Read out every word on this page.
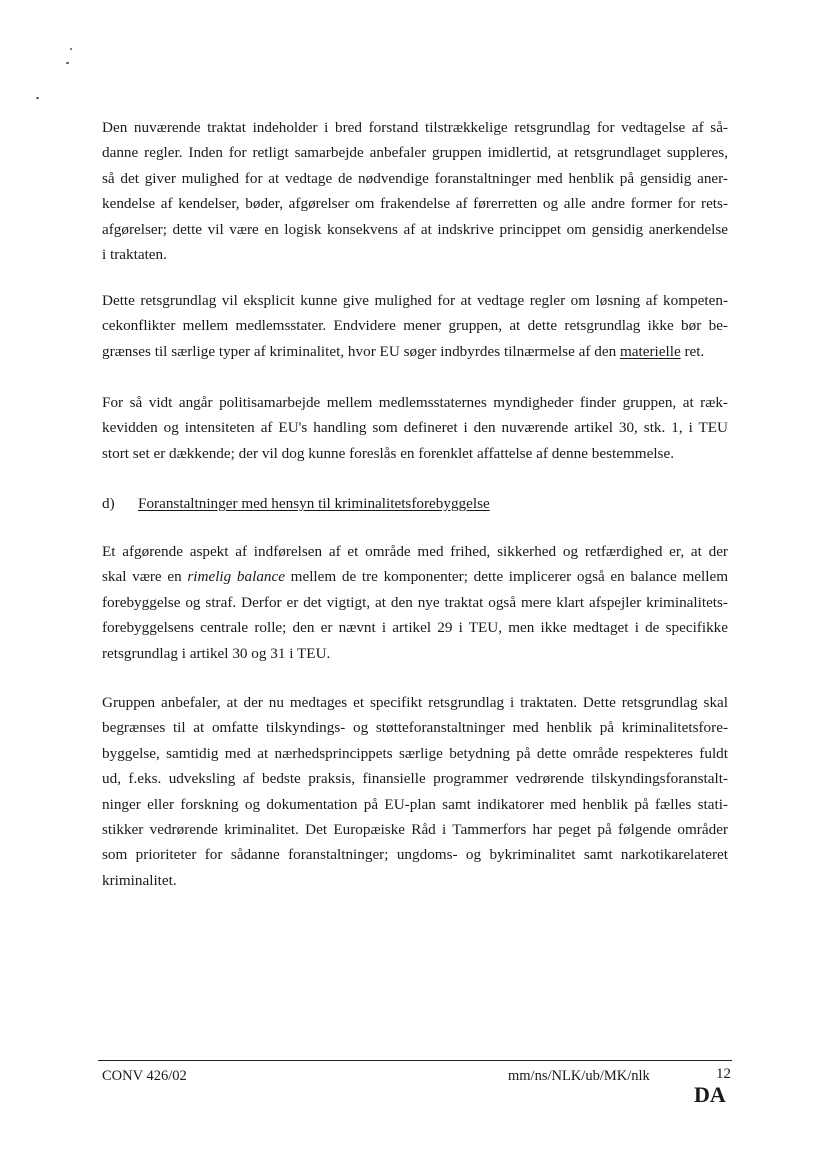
Den nuværende traktat indeholder i bred forstand tilstrækkelige retsgrundlag for vedtagelse af så-
danne regler. Inden for retligt samarbejde anbefaler gruppen imidlertid, at retsgrundlaget suppleres,
så det giver mulighed for at vedtage de nødvendige foranstaltninger med henblik på gensidig aner-
kendelse af kendelser, bøder, afgørelser om frakendelse af førerretten og alle andre former for rets-
afgørelser; dette vil være en logisk konsekvens af at indskrive princippet om gensidig anerkendelse
i traktaten.
Dette retsgrundlag vil eksplicit kunne give mulighed for at vedtage regler om løsning af kompeten-
cekonflikter mellem medlemsstater. Endvidere mener gruppen, at dette retsgrundlag ikke bør be-
grænses til særlige typer af kriminalitet, hvor EU søger indbyrdes tilnærmelse af den materielle ret.
For så vidt angår politisamarbejde mellem medlemsstaternes myndigheder finder gruppen, at ræk-
kevidden og intensiteten af EU's handling som defineret i den nuværende artikel 30, stk. 1, i TEU
stort set er dækkende; der vil dog kunne foreslås en forenklet affattelse af denne bestemmelse.
d) Foranstaltninger med hensyn til kriminalitetsforebyggelse
Et afgørende aspekt af indførelsen af et område med frihed, sikkerhed og retfærdighed er, at der
skal være en rimelig balance mellem de tre komponenter; dette implicerer også en balance mellem
forebyggelse og straf. Derfor er det vigtigt, at den nye traktat også mere klart afspejler kriminalitets-
forebyggelsens centrale rolle; den er nævnt i artikel 29 i TEU, men ikke medtaget i de specifikke
retsgrundlag i artikel 30 og 31 i TEU.
Gruppen anbefaler, at der nu medtages et specifikt retsgrundlag i traktaten. Dette retsgrundlag skal
begrænses til at omfatte tilskyndings- og støtteforanstaltninger med henblik på kriminalitetsfore-
byggelse, samtidig med at nærhedsprincippets særlige betydning på dette område respekteres fuldt
ud, f.eks. udveksling af bedste praksis, finansielle programmer vedrørende tilskyndingsforanstalt-
ninger eller forskning og dokumentation på EU-plan samt indikatorer med henblik på fælles stati-
stikker vedrørende kriminalitet. Det Europæiske Råd i Tammerfors har peget på følgende områder
som prioriteter for sådanne foranstaltninger; ungdoms- og bykriminalitet samt narkotikarelateret
kriminalitet.
CONV 426/02	mm/ns/NLK/ub/MK/nlk	12
DA
